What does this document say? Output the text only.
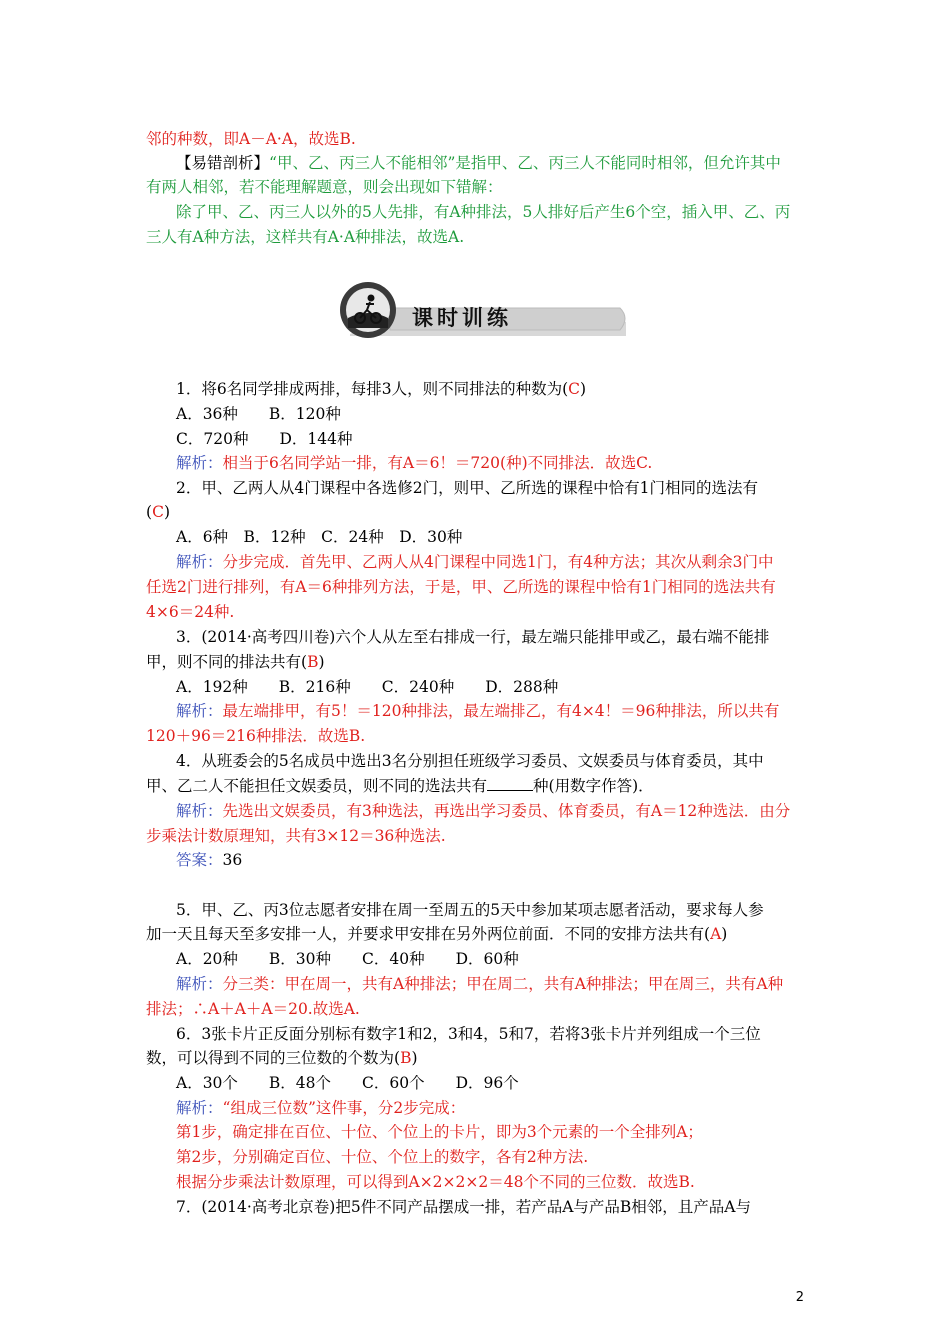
邻的种数，即A－A·A，故选B.
【易错剖析】“甲、乙、丙三人不能相邻”是指甲、乙、丙三人不能同时相邻，但允许其中
有两人相邻，若不能理解题意，则会出现如下错解：
除了甲、乙、丙三人以外的5人先排，有A种排法，5人排好后产生6个空，插入甲、乙、丙
三人有A种方法，这样共有A·A种排法，故选A.
课时训练
1．将6名同学排成两排，每排3人，则不同排法的种数为(C)
A．36种　　B．120种
C．720种　　D．144种
解析：相当于6名同学站一排，有A＝6！＝720(种)不同排法．故选C.
2．甲、乙两人从4门课程中各选修2门，则甲、乙所选的课程中恰有1门相同的选法有
(C)
A．6种　B．12种　C．24种　D．30种
解析：分步完成．首先甲、乙两人从4门课程中同选1门，有4种方法；其次从剩余3门中
任选2门进行排列，有A＝6种排列方法，于是，甲、乙所选的课程中恰有1门相同的选法共有
4×6＝24种.
3．(2014·高考四川卷)六个人从左至右排成一行，最左端只能排甲或乙，最右端不能排
甲，则不同的排法共有(B)
A．192种　　B．216种　　C．240种　　D．288种
解析：最左端排甲，有5！＝120种排法，最左端排乙，有4×4！＝96种排法，所以共有
120＋96＝216种排法．故选B.
4．从班委会的5名成员中选出3名分别担任班级学习委员、文娱委员与体育委员，其中
甲、乙二人不能担任文娱委员，则不同的选法共有	种(用数字作答)．
解析：先选出文娱委员，有3种选法，再选出学习委员、体育委员，有A＝12种选法．由分
步乘法计数原理知，共有3×12＝36种选法.
答案：36
5．甲、乙、丙3位志愿者安排在周一至周五的5天中参加某项志愿者活动，要求每人参
加一天且每天至多安排一人，并要求甲安排在另外两位前面．不同的安排方法共有(A)
A．20种　　B．30种　　C．40种　　D．60种
解析：分三类：甲在周一，共有A种排法；甲在周二，共有A种排法；甲在周三，共有A种
排法；∴A＋A＋A＝20.故选A.
6．3张卡片正反面分别标有数字1和2，3和4，5和7，若将3张卡片并列组成一个三位
数，可以得到不同的三位数的个数为(B)
A．30个　　B．48个　　C．60个　　D．96个
解析：“组成三位数”这件事，分2步完成：
第1步，确定排在百位、十位、个位上的卡片，即为3个元素的一个全排列A；
第2步，分别确定百位、十位、个位上的数字，各有2种方法.
根据分步乘法计数原理，可以得到A×2×2×2＝48个不同的三位数．故选B.
7．(2014·高考北京卷)把5件不同产品摆成一排，若产品A与产品B相邻，且产品A与
2
